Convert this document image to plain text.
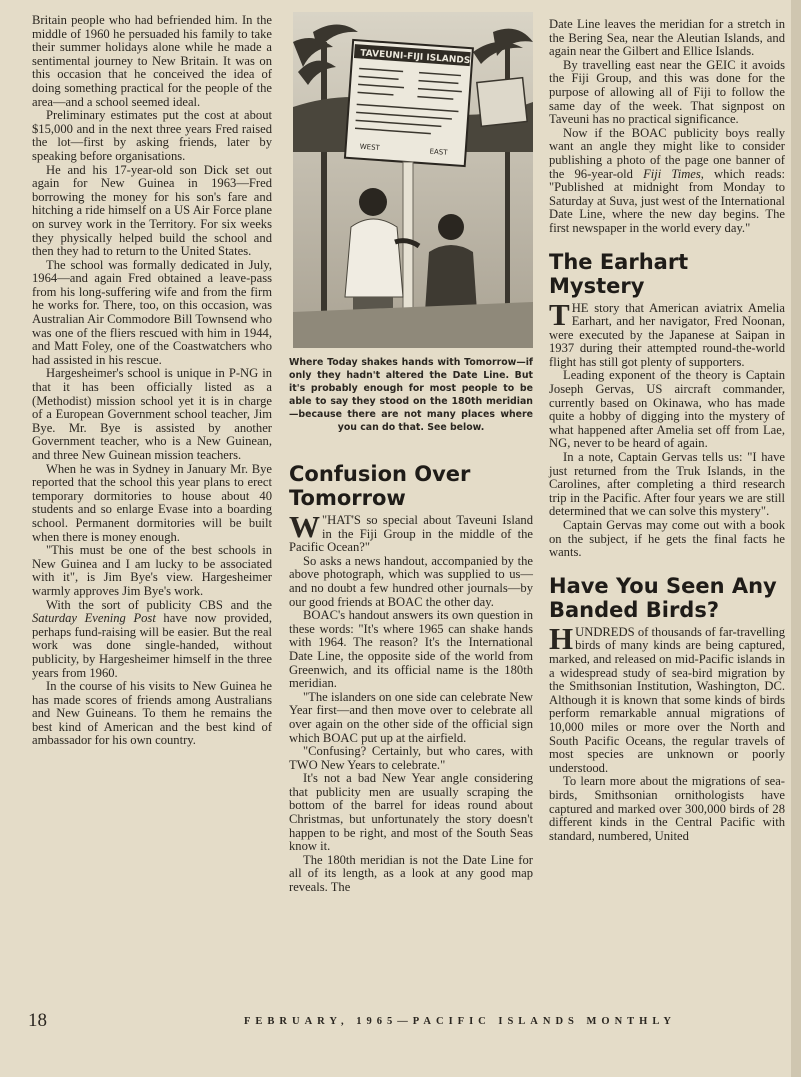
Britain people who had befriended him. In the middle of 1960 he persuaded his family to take their summer holidays alone while he made a sentimental journey to New Britain. It was on this occasion that he conceived the idea of doing something practical for the people of the area—and a school seemed ideal.

Preliminary estimates put the cost at about $15,000 and in the next three years Fred raised the lot—first by asking friends, later by speaking before organisations.

He and his 17-year-old son Dick set out again for New Guinea in 1963—Fred borrowing the money for his son's fare and hitching a ride himself on a US Air Force plane on survey work in the Territory. For six weeks they physically helped build the school and then they had to return to the United States.

The school was formally dedicated in July, 1964—and again Fred obtained a leave-pass from his long-suffering wife and from the firm he works for. There, too, on this occasion, was Australian Air Commodore Bill Townsend who was one of the fliers rescued with him in 1944, and Matt Foley, one of the Coastwatchers who had assisted in his rescue.

Hargesheimer's school is unique in P-NG in that it has been officially listed as a (Methodist) mission school yet it is in charge of a European Government school teacher, Jim Bye. Mr. Bye is assisted by another Government teacher, who is a New Guinean, and three New Guinean mission teachers.

When he was in Sydney in January Mr. Bye reported that the school this year plans to erect temporary dormitories to house about 40 students and so enlarge Evase into a boarding school. Permanent dormitories will be built when there is money enough.

"This must be one of the best schools in New Guinea and I am lucky to be associated with it", is Jim Bye's view. Hargesheimer warmly approves Jim Bye's work.

With the sort of publicity CBS and the Saturday Evening Post have now provided, perhaps fund-raising will be easier. But the real work was done single-handed, without publicity, by Hargesheimer himself in the three years from 1960.

In the course of his visits to New Guinea he has made scores of friends among Australians and New Guineans. To them he remains the best kind of American and the best kind of ambassador for his own country.

TAVEUNI-FIJI ISLANDS
WEST
EAST
Where Today shakes hands with Tomorrow—if only they hadn't altered the Date Line. But it's probably enough for most people to be able to say they stood on the 180th meridian—because there are not many places where you can do that. See below.
Confusion Over Tomorrow

"
W HAT'S so special about Taveuni Island in the Fiji Group in the middle of the Pacific Ocean?"

So asks a news handout, accompanied by the above photograph, which was supplied to us—and no doubt a few hundred other journals—by our good friends at BOAC the other day.

BOAC's handout answers its own question in these words: "It's where 1965 can shake hands with 1964. The reason? It's the International Date Line, the opposite side of the world from Greenwich, and its official name is the 180th meridian.

"The islanders on one side can celebrate New Year first—and then move over to celebrate all over again on the other side of the official sign which BOAC put up at the airfield.

"Confusing? Certainly, but who cares, with TWO New Years to celebrate."

It's not a bad New Year angle considering that publicity men are usually scraping the bottom of the barrel for ideas round about Christmas, but unfortunately the story doesn't happen to be right, and most of the South Seas know it.

The 180th meridian is not the Date Line for all of its length, as a look at any good map reveals. The

Date Line leaves the meridian for a stretch in the Bering Sea, near the Aleutian Islands, and again near the Gilbert and Ellice Islands.

By travelling east near the GEIC it avoids the Fiji Group, and this was done for the purpose of allowing all of Fiji to follow the same day of the week. That signpost on Taveuni has no practical significance.

Now if the BOAC publicity boys really want an angle they might like to consider publishing a photo of the page one banner of the 96-year-old Fiji Times, which reads: "Published at midnight from Monday to Saturday at Suva, just west of the International Date Line, where the new day begins. The first newspaper in the world every day."

The Earhart Mystery

THE story that American aviatrix Amelia Earhart, and her navigator, Fred Noonan, were executed by the Japanese at Saipan in 1937 during their attempted round-the-world flight has still got plenty of supporters.

Leading exponent of the theory is Captain Joseph Gervas, US aircraft commander, currently based on Okinawa, who has made quite a hobby of digging into the mystery of what happened after Amelia set off from Lae, NG, never to be heard of again.

In a note, Captain Gervas tells us: "I have just returned from the Truk Islands, in the Carolines, after completing a third research trip in the Pacific. After four years we are still determined that we can solve this mystery".

Captain Gervas may come out with a book on the subject, if he gets the final facts he wants.

Have You Seen Any Banded Birds?

HUNDREDS of thousands of far-travelling birds of many kinds are being captured, marked, and released on mid-Pacific islands in a widespread study of sea-bird migration by the Smithsonian Institution, Washington, DC. Although it is known that some kinds of birds perform remarkable annual migrations of 10,000 miles or more over the North and South Pacific Oceans, the regular travels of most species are unknown or poorly understood.

To learn more about the migrations of sea-birds, Smithsonian ornithologists have captured and marked over 300,000 birds of 28 different kinds in the Central Pacific with standard, numbered, United

18	FEBRUARY, 1965—PACIFIC ISLANDS MONTHLY
